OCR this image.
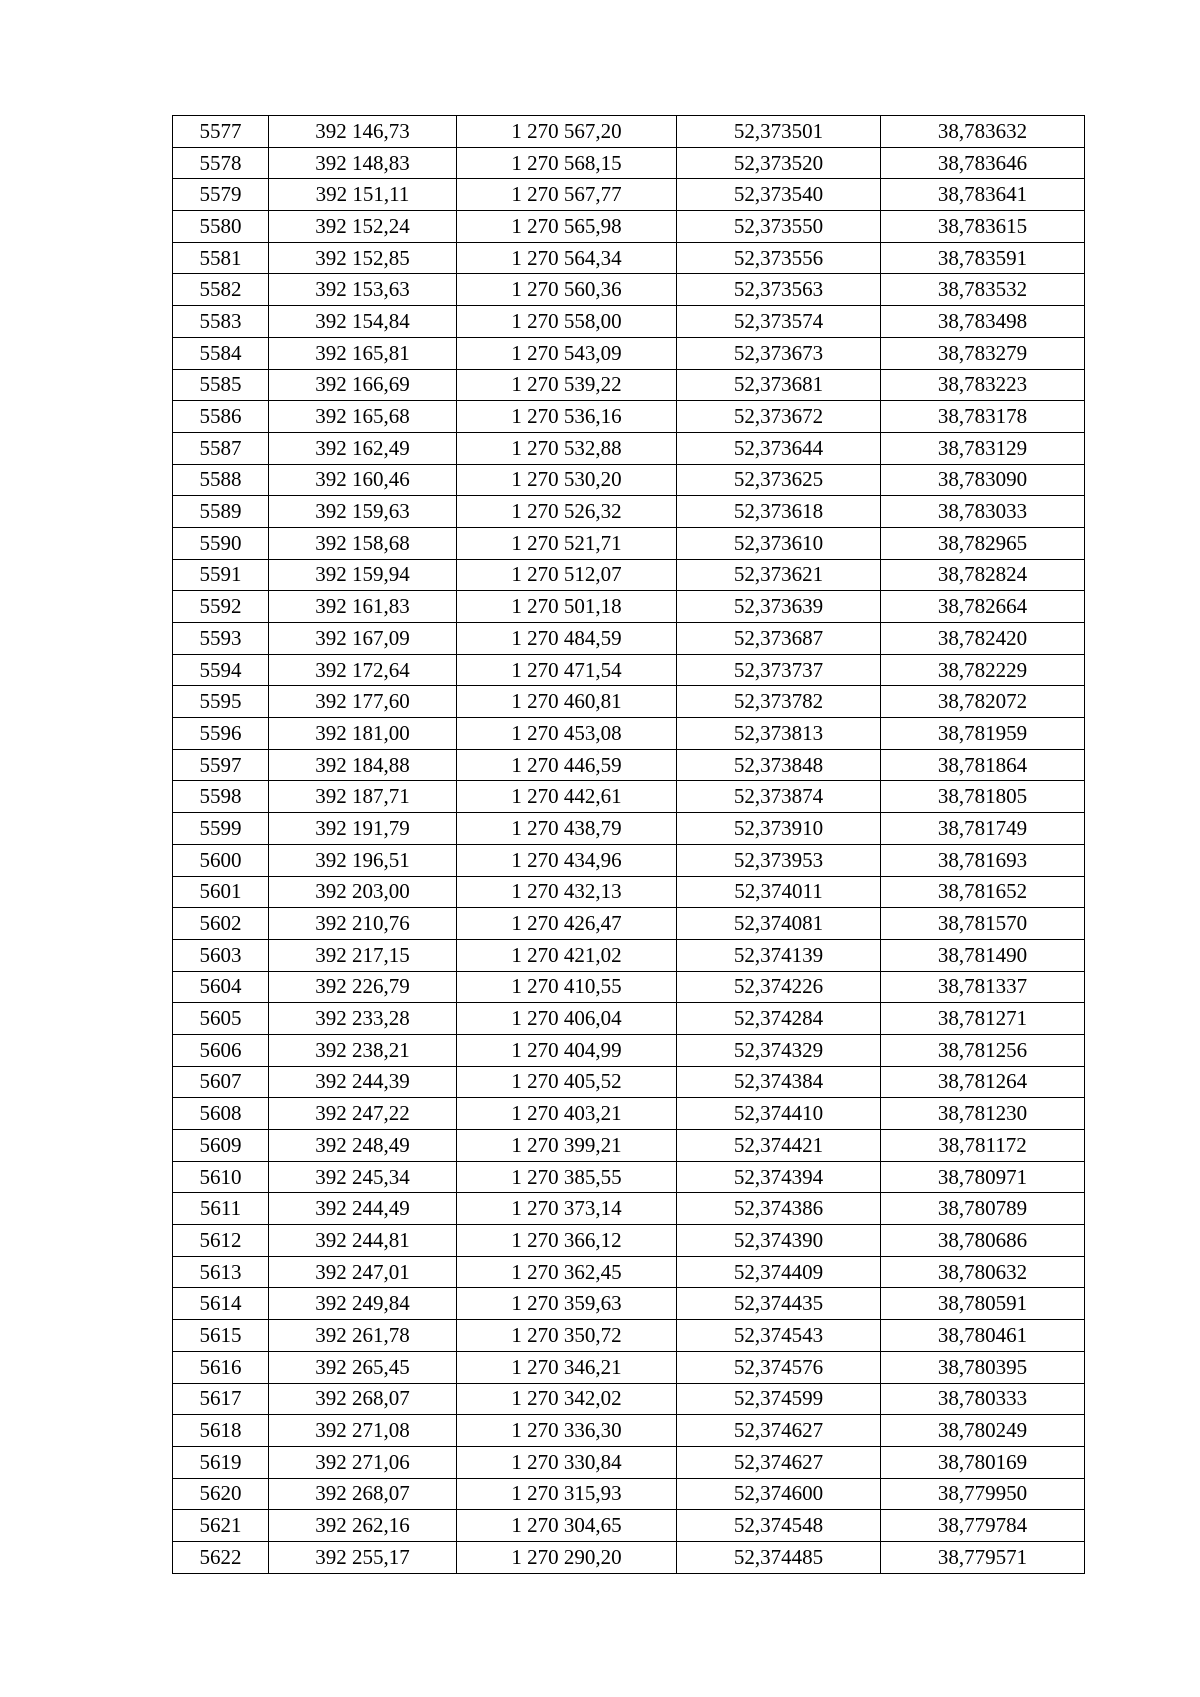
5577	392 146,73	1 270 567,20	52,373501	38,783632
5578	392 148,83	1 270 568,15	52,373520	38,783646
5579	392 151,11	1 270 567,77	52,373540	38,783641
5580	392 152,24	1 270 565,98	52,373550	38,783615
5581	392 152,85	1 270 564,34	52,373556	38,783591
5582	392 153,63	1 270 560,36	52,373563	38,783532
5583	392 154,84	1 270 558,00	52,373574	38,783498
5584	392 165,81	1 270 543,09	52,373673	38,783279
5585	392 166,69	1 270 539,22	52,373681	38,783223
5586	392 165,68	1 270 536,16	52,373672	38,783178
5587	392 162,49	1 270 532,88	52,373644	38,783129
5588	392 160,46	1 270 530,20	52,373625	38,783090
5589	392 159,63	1 270 526,32	52,373618	38,783033
5590	392 158,68	1 270 521,71	52,373610	38,782965
5591	392 159,94	1 270 512,07	52,373621	38,782824
5592	392 161,83	1 270 501,18	52,373639	38,782664
5593	392 167,09	1 270 484,59	52,373687	38,782420
5594	392 172,64	1 270 471,54	52,373737	38,782229
5595	392 177,60	1 270 460,81	52,373782	38,782072
5596	392 181,00	1 270 453,08	52,373813	38,781959
5597	392 184,88	1 270 446,59	52,373848	38,781864
5598	392 187,71	1 270 442,61	52,373874	38,781805
5599	392 191,79	1 270 438,79	52,373910	38,781749
5600	392 196,51	1 270 434,96	52,373953	38,781693
5601	392 203,00	1 270 432,13	52,374011	38,781652
5602	392 210,76	1 270 426,47	52,374081	38,781570
5603	392 217,15	1 270 421,02	52,374139	38,781490
5604	392 226,79	1 270 410,55	52,374226	38,781337
5605	392 233,28	1 270 406,04	52,374284	38,781271
5606	392 238,21	1 270 404,99	52,374329	38,781256
5607	392 244,39	1 270 405,52	52,374384	38,781264
5608	392 247,22	1 270 403,21	52,374410	38,781230
5609	392 248,49	1 270 399,21	52,374421	38,781172
5610	392 245,34	1 270 385,55	52,374394	38,780971
5611	392 244,49	1 270 373,14	52,374386	38,780789
5612	392 244,81	1 270 366,12	52,374390	38,780686
5613	392 247,01	1 270 362,45	52,374409	38,780632
5614	392 249,84	1 270 359,63	52,374435	38,780591
5615	392 261,78	1 270 350,72	52,374543	38,780461
5616	392 265,45	1 270 346,21	52,374576	38,780395
5617	392 268,07	1 270 342,02	52,374599	38,780333
5618	392 271,08	1 270 336,30	52,374627	38,780249
5619	392 271,06	1 270 330,84	52,374627	38,780169
5620	392 268,07	1 270 315,93	52,374600	38,779950
5621	392 262,16	1 270 304,65	52,374548	38,779784
5622	392 255,17	1 270 290,20	52,374485	38,779571
